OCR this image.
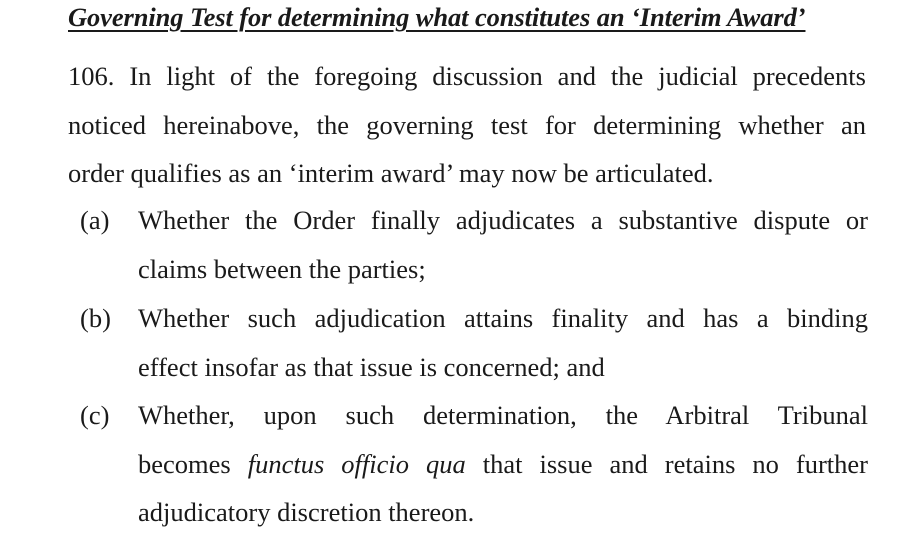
Governing Test for determining what constitutes an ‘Interim Award’
106. In light of the foregoing discussion and the judicial precedents
noticed hereinabove, the governing test for determining whether an
order qualifies as an ‘interim award’ may now be articulated.
(a) Whether the Order finally adjudicates a substantive dispute or
claims between the parties;
(b) Whether such adjudication attains finality and has a binding
effect insofar as that issue is concerned; and
(c) Whether, upon such determination, the Arbitral Tribunal
becomes functus officio qua that issue and retains no further
adjudicatory discretion thereon.
